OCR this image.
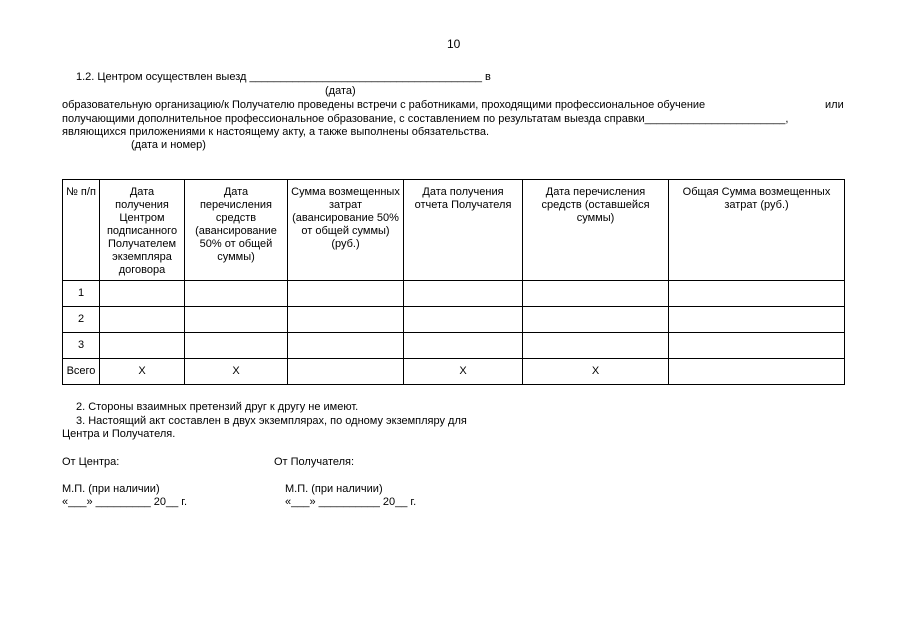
10
1.2. Центром осуществлен выезд ______________________________________ в
(дата)
образовательную организацию/к Получателю проведены встречи с работниками, проходящими профессиональное обучение	или
получающими дополнительное профессиональное образование, с составлением по результатам выезда справки_______________________,
являющихся приложениями к настоящему акту, а также выполнены обязательства.
(дата и номер)
№ п/п	Дата получения Центром подписанного Получателем экземпляра договора	Дата перечисления средств (авансирование 50% от общей суммы)	Сумма возмещенных затрат (авансирование 50% от общей суммы) (руб.)	Дата получения отчета Получателя	Дата перечисления средств (оставшейся суммы)	Общая Сумма возмещенных затрат (руб.)
1						
2						
3						
Всего	X	X		X	X	
2. Стороны взаимных претензий друг к другу не имеют.
3. Настоящий акт составлен в двух экземплярах, по одному экземпляру для
Центра и Получателя.
От Центра:	От Получателя:
М.П. (при наличии)
«___» _________ 20__ г.
М.П. (при наличии)
«___» __________ 20__ г.
